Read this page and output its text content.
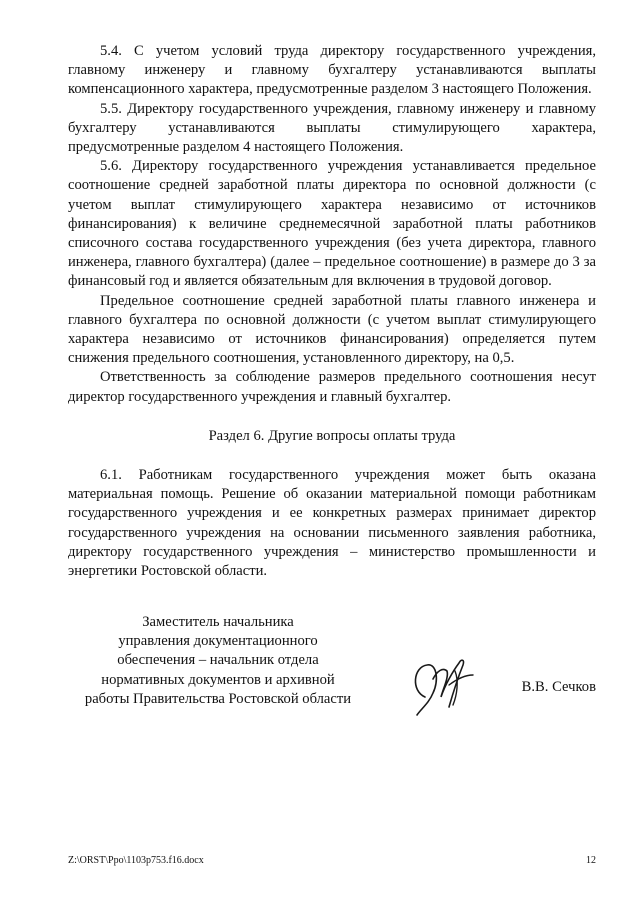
5.4. С учетом условий труда директору государственного учреждения, главному инженеру и главному бухгалтеру устанавливаются выплаты компенсационного характера, предусмотренные разделом 3 настоящего Положения.

5.5. Директору государственного учреждения, главному инженеру и главному бухгалтеру устанавливаются выплаты стимулирующего характера, предусмотренные разделом 4 настоящего Положения.

5.6. Директору государственного учреждения устанавливается предельное соотношение средней заработной платы директора по основной должности (с учетом выплат стимулирующего характера независимо от источников финансирования) к величине среднемесячной заработной платы работников списочного состава государственного учреждения (без учета директора, главного инженера, главного бухгалтера) (далее – предельное соотношение) в размере до 3 за финансовый год и является обязательным для включения в трудовой договор.

Предельное соотношение средней заработной платы главного инженера и главного бухгалтера по основной должности (с учетом выплат стимулирующего характера независимо от источников финансирования) определяется путем снижения предельного соотношения, установленного директору, на 0,5.

Ответственность за соблюдение размеров предельного соотношения несут директор государственного учреждения и главный бухгалтер.

Раздел 6. Другие вопросы оплаты труда

6.1. Работникам государственного учреждения может быть оказана материальная помощь. Решение об оказании материальной помощи работникам государственного учреждения и ее конкретных размерах принимает директор государственного учреждения на основании письменного заявления работника, директору государственного учреждения – министерство промышленности и энергетики Ростовской области.

Заместитель начальника
управления документационного
обеспечения – начальник отдела
нормативных документов и архивной
работы Правительства Ростовской области
В.В. Сечков
Z:\ORST\Ppo\1103p753.f16.docx	12
